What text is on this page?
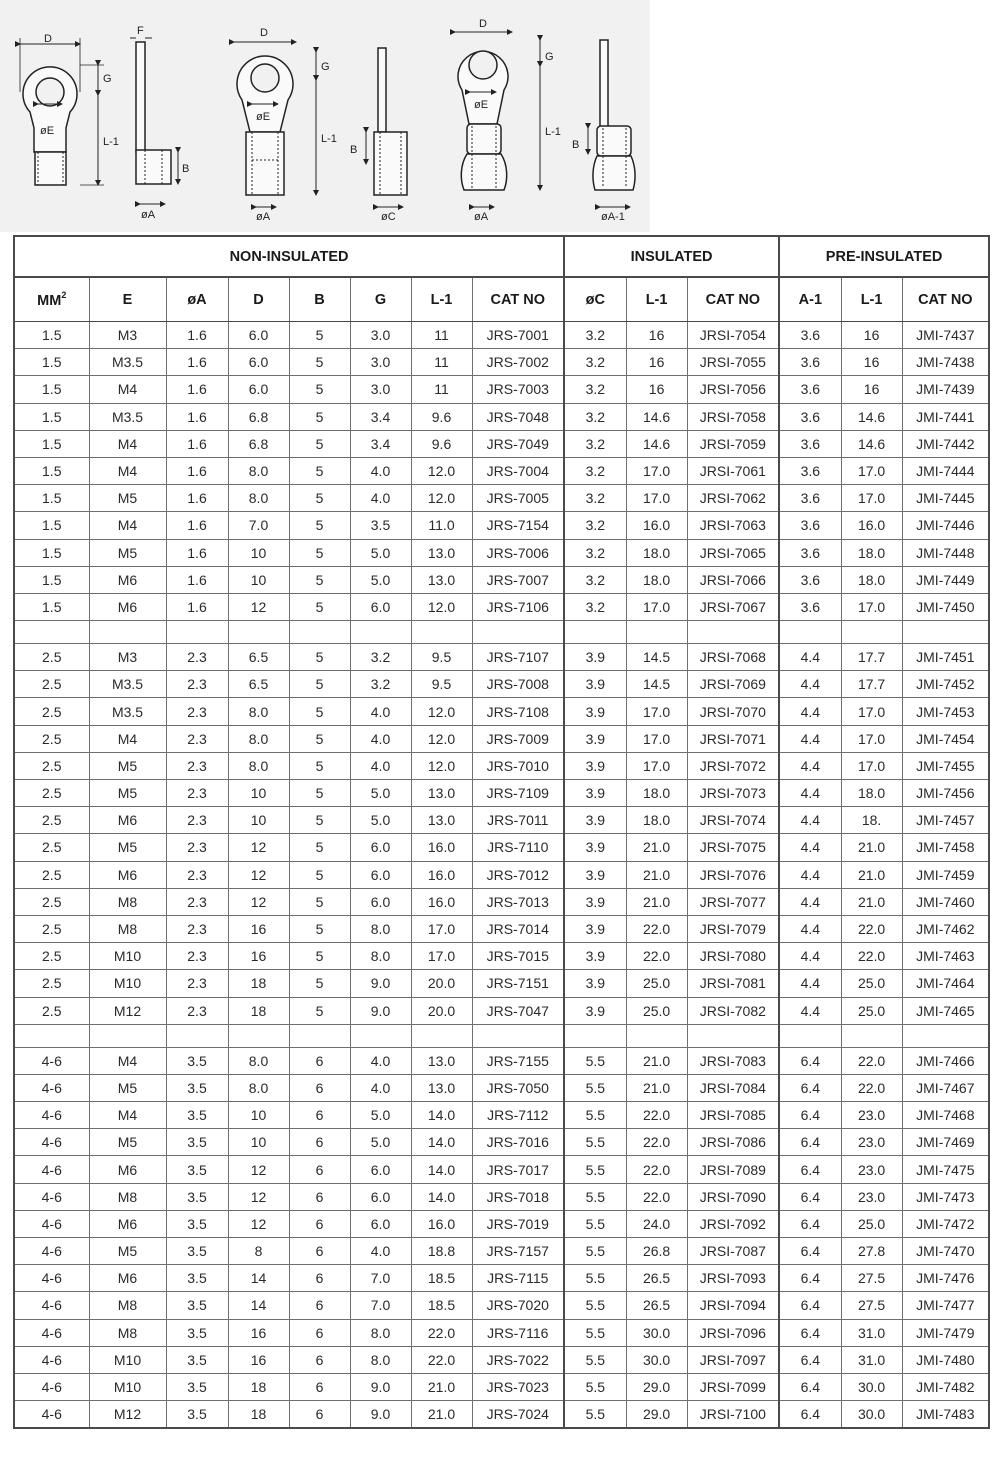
D
G
L-1
øE
F
B
øA
D
G
L-1
øE
øA
B
øC
D
G
L-1
øE
øA
B
øA-1
NON-INSULATED								INSULATED			PRE-INSULATED		
$MM^2$	E	øA	D	B	G	L-1	CAT NO	øC	L-1	CAT NO	A-1	L-1	CAT NO
1.5	M3	1.6	6.0	5	3.0	11	JRS-7001	3.2	16	JRSI-7054	3.6	16	JMI-7437
1.5	M3.5	1.6	6.0	5	3.0	11	JRS-7002	3.2	16	JRSI-7055	3.6	16	JMI-7438
1.5	M4	1.6	6.0	5	3.0	11	JRS-7003	3.2	16	JRSI-7056	3.6	16	JMI-7439
1.5	M3.5	1.6	6.8	5	3.4	9.6	JRS-7048	3.2	14.6	JRSI-7058	3.6	14.6	JMI-7441
1.5	M4	1.6	6.8	5	3.4	9.6	JRS-7049	3.2	14.6	JRSI-7059	3.6	14.6	JMI-7442
1.5	M4	1.6	8.0	5	4.0	12.0	JRS-7004	3.2	17.0	JRSI-7061	3.6	17.0	JMI-7444
1.5	M5	1.6	8.0	5	4.0	12.0	JRS-7005	3.2	17.0	JRSI-7062	3.6	17.0	JMI-7445
1.5	M4	1.6	7.0	5	3.5	11.0	JRS-7154	3.2	16.0	JRSI-7063	3.6	16.0	JMI-7446
1.5	M5	1.6	10	5	5.0	13.0	JRS-7006	3.2	18.0	JRSI-7065	3.6	18.0	JMI-7448
1.5	M6	1.6	10	5	5.0	13.0	JRS-7007	3.2	18.0	JRSI-7066	3.6	18.0	JMI-7449
1.5	M6	1.6	12	5	6.0	12.0	JRS-7106	3.2	17.0	JRSI-7067	3.6	17.0	JMI-7450

2.5	M3	2.3	6.5	5	3.2	9.5	JRS-7107	3.9	14.5	JRSI-7068	4.4	17.7	JMI-7451
2.5	M3.5	2.3	6.5	5	3.2	9.5	JRS-7008	3.9	14.5	JRSI-7069	4.4	17.7	JMI-7452
2.5	M3.5	2.3	8.0	5	4.0	12.0	JRS-7108	3.9	17.0	JRSI-7070	4.4	17.0	JMI-7453
2.5	M4	2.3	8.0	5	4.0	12.0	JRS-7009	3.9	17.0	JRSI-7071	4.4	17.0	JMI-7454
2.5	M5	2.3	8.0	5	4.0	12.0	JRS-7010	3.9	17.0	JRSI-7072	4.4	17.0	JMI-7455
2.5	M5	2.3	10	5	5.0	13.0	JRS-7109	3.9	18.0	JRSI-7073	4.4	18.0	JMI-7456
2.5	M6	2.3	10	5	5.0	13.0	JRS-7011	3.9	18.0	JRSI-7074	4.4	18.	JMI-7457
2.5	M5	2.3	12	5	6.0	16.0	JRS-7110	3.9	21.0	JRSI-7075	4.4	21.0	JMI-7458
2.5	M6	2.3	12	5	6.0	16.0	JRS-7012	3.9	21.0	JRSI-7076	4.4	21.0	JMI-7459
2.5	M8	2.3	12	5	6.0	16.0	JRS-7013	3.9	21.0	JRSI-7077	4.4	21.0	JMI-7460
2.5	M8	2.3	16	5	8.0	17.0	JRS-7014	3.9	22.0	JRSI-7079	4.4	22.0	JMI-7462
2.5	M10	2.3	16	5	8.0	17.0	JRS-7015	3.9	22.0	JRSI-7080	4.4	22.0	JMI-7463
2.5	M10	2.3	18	5	9.0	20.0	JRS-7151	3.9	25.0	JRSI-7081	4.4	25.0	JMI-7464
2.5	M12	2.3	18	5	9.0	20.0	JRS-7047	3.9	25.0	JRSI-7082	4.4	25.0	JMI-7465

4-6	M4	3.5	8.0	6	4.0	13.0	JRS-7155	5.5	21.0	JRSI-7083	6.4	22.0	JMI-7466
4-6	M5	3.5	8.0	6	4.0	13.0	JRS-7050	5.5	21.0	JRSI-7084	6.4	22.0	JMI-7467
4-6	M4	3.5	10	6	5.0	14.0	JRS-7112	5.5	22.0	JRSI-7085	6.4	23.0	JMI-7468
4-6	M5	3.5	10	6	5.0	14.0	JRS-7016	5.5	22.0	JRSI-7086	6.4	23.0	JMI-7469
4-6	M6	3.5	12	6	6.0	14.0	JRS-7017	5.5	22.0	JRSI-7089	6.4	23.0	JMI-7475
4-6	M8	3.5	12	6	6.0	14.0	JRS-7018	5.5	22.0	JRSI-7090	6.4	23.0	JMI-7473
4-6	M6	3.5	12	6	6.0	16.0	JRS-7019	5.5	24.0	JRSI-7092	6.4	25.0	JMI-7472
4-6	M5	3.5	8	6	4.0	18.8	JRS-7157	5.5	26.8	JRSI-7087	6.4	27.8	JMI-7470
4-6	M6	3.5	14	6	7.0	18.5	JRS-7115	5.5	26.5	JRSI-7093	6.4	27.5	JMI-7476
4-6	M8	3.5	14	6	7.0	18.5	JRS-7020	5.5	26.5	JRSI-7094	6.4	27.5	JMI-7477
4-6	M8	3.5	16	6	8.0	22.0	JRS-7116	5.5	30.0	JRSI-7096	6.4	31.0	JMI-7479
4-6	M10	3.5	16	6	8.0	22.0	JRS-7022	5.5	30.0	JRSI-7097	6.4	31.0	JMI-7480
4-6	M10	3.5	18	6	9.0	21.0	JRS-7023	5.5	29.0	JRSI-7099	6.4	30.0	JMI-7482
4-6	M12	3.5	18	6	9.0	21.0	JRS-7024	5.5	29.0	JRSI-7100	6.4	30.0	JMI-7483
